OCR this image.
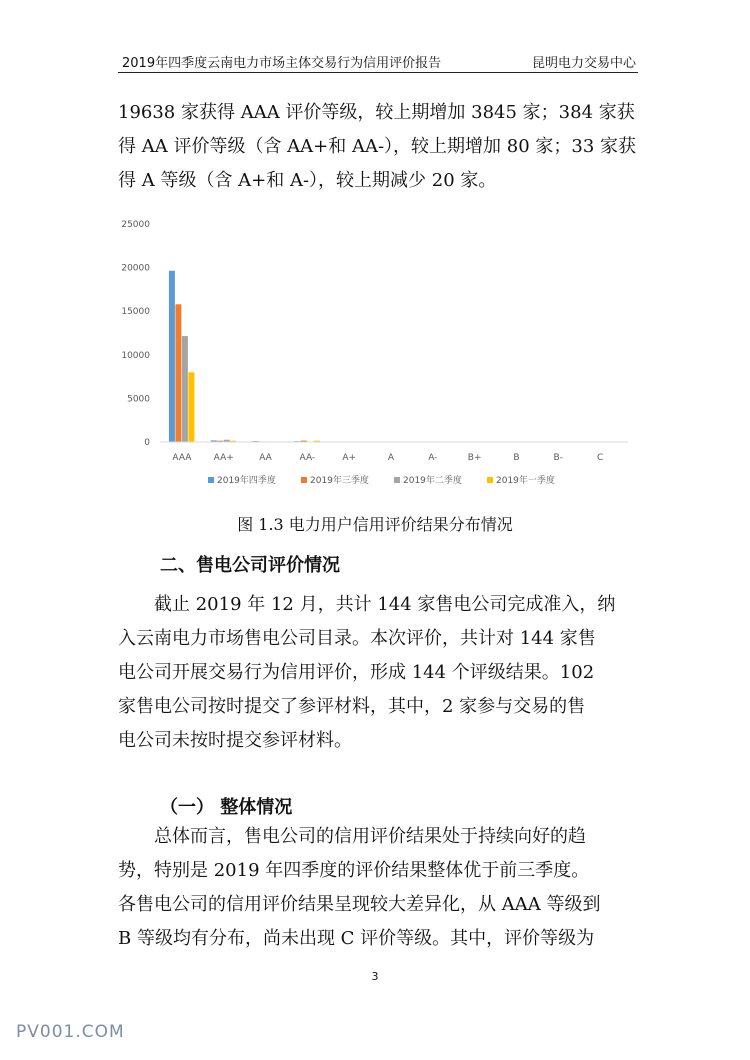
2019年四季度云南电力市场主体交易行为信用评价报告	昆明电力交易中心

19638 家获得 AAA 评价等级，较上期增加 3845 家；384 家获
得 AA 评价等级（含 AA+和 AA-），较上期增加 80 家；33 家获
得 A 等级（含 A+和 A-），较上期减少 20 家。

0
5000
10000
15000
20000
25000
AAA AA+	AA	AA-	A+	A	A-	B+	B	B-	C
2019年四季度	2019年三季度	2019年二季度	2019年一季度
图 1.3 电力用户信用评价结果分布情况
二、售电公司评价情况

截止 2019 年 12 月，共计 144 家售电公司完成准入，纳
入云南电力市场售电公司目录。本次评价，共计对 144 家售
电公司开展交易行为信用评价，形成 144 个评级结果。102
家售电公司按时提交了参评材料，其中，2 家参与交易的售
电公司未按时提交参评材料。

（一） 整体情况

总体而言，售电公司的信用评价结果处于持续向好的趋
势，特别是 2019 年四季度的评价结果整体优于前三季度。
各售电公司的信用评价结果呈现较大差异化，从 AAA 等级到
B 等级均有分布，尚未出现 C 评价等级。其中，评价等级为

3
PV001.COM
